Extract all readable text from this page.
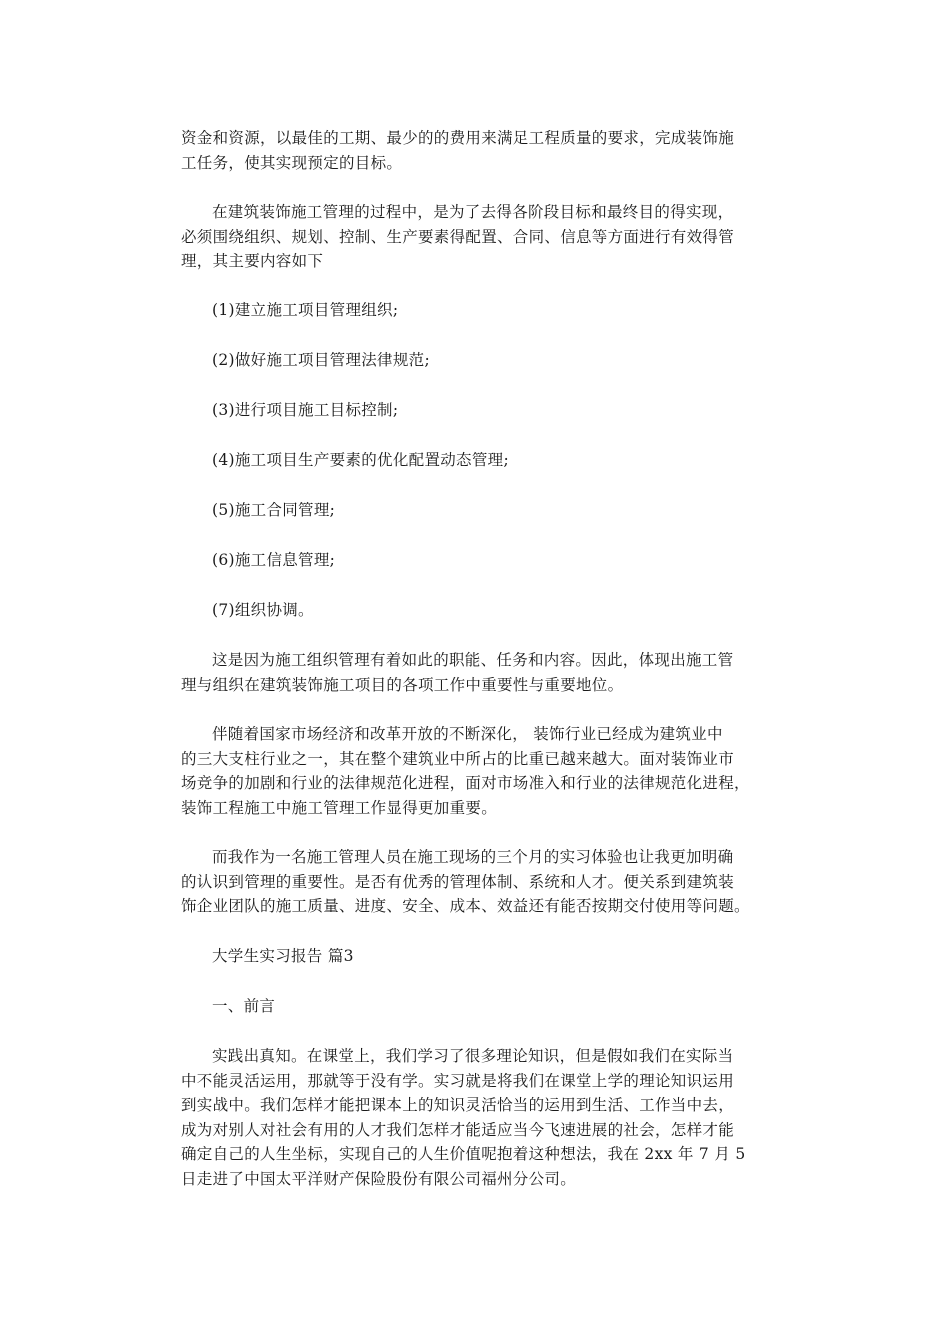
资金和资源，以最佳的工期、最少的的费用来满足工程质量的要求，完成装饰施

工任务，使其实现预定的目标。

在建筑装饰施工管理的过程中，是为了去得各阶段目标和最终目的得实现，

必须围绕组织、规划、控制、生产要素得配置、合同、信息等方面进行有效得管

理，其主要内容如下

(1)建立施工项目管理组织;

(2)做好施工项目管理法律规范;

(3)进行项目施工目标控制;

(4)施工项目生产要素的优化配置动态管理;

(5)施工合同管理;

(6)施工信息管理;

(7)组织协调。

这是因为施工组织管理有着如此的职能、任务和内容。因此，体现出施工管

理与组织在建筑装饰施工项目的各项工作中重要性与重要地位。

伴随着国家市场经济和改革开放的不断深化， 装饰行业已经成为建筑业中

的三大支柱行业之一，其在整个建筑业中所占的比重已越来越大。面对装饰业市

场竞争的加剧和行业的法律规范化进程，面对市场准入和行业的法律规范化进程，

装饰工程施工中施工管理工作显得更加重要。

而我作为一名施工管理人员在施工现场的三个月的实习体验也让我更加明确

的认识到管理的重要性。是否有优秀的管理体制、系统和人才。便关系到建筑装

饰企业团队的施工质量、进度、安全、成本、效益还有能否按期交付使用等问题。

大学生实习报告 篇3

一、前言

实践出真知。在课堂上，我们学习了很多理论知识，但是假如我们在实际当

中不能灵活运用，那就等于没有学。实习就是将我们在课堂上学的理论知识运用

到实战中。我们怎样才能把课本上的知识灵活恰当的运用到生活、工作当中去，

成为对别人对社会有用的人才我们怎样才能适应当今飞速进展的社会，怎样才能

确定自己的人生坐标，实现自己的人生价值呢抱着这种想法，我在 2xx 年 7 月 5

日走进了中国太平洋财产保险股份有限公司福州分公司。
